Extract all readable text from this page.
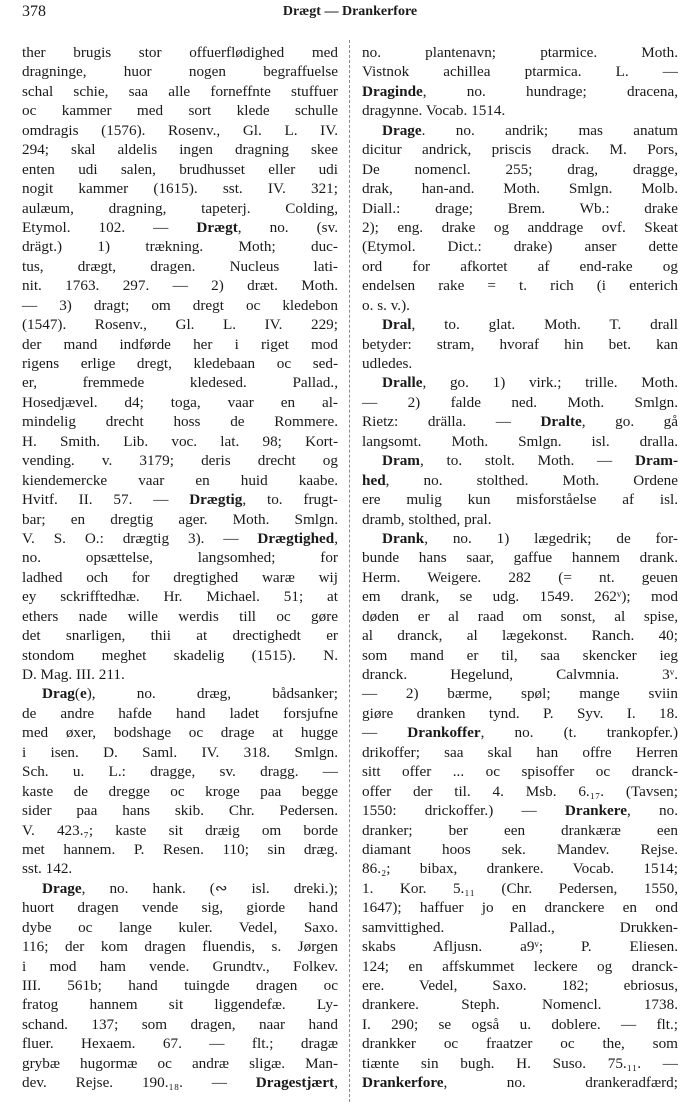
378	Drægt — Drankerfore
ther brugis stor offuerflødighed med
dragninge, huor nogen begraffuelse
schal schie, saa alle forneffnte stuffuer
oc kammer med sort klede schulle
omdragis (1576). Rosenv., Gl. L. IV.
294; skal aldelis ingen dragning skee
enten udi salen, brudhusset eller udi
nogit kammer (1615). sst. IV. 321;
aulæum, dragning, tapeterj. Colding,
Etymol. 102. — Drægt, no. (sv.
drägt.) 1) trækning. Moth; duc-
tus, drægt, dragen. Nucleus lati-
nit. 1763. 297. — 2) dræt. Moth.
— 3) dragt; om dregt oc kledebon
(1547). Rosenv., Gl. L. IV. 229;
der mand indførde her i riget mod
rigens erlige dregt, kledebaan oc sed-
er, fremmede kledesed. Pallad.,
Hosedjævel. d4; toga, vaar en al-
mindelig drecht hoss de Rommere.
H. Smith. Lib. voc. lat. 98; Kort-
vending. v. 3179; deris drecht og
kiendemercke vaar en huid kaabe.
Hvitf. II. 57. — Drægtig, to. frugt-
bar; en dregtig ager. Moth. Smlgn.
V. S. O.: drægtig 3). — Drægtighed,
no. opsættelse, langsomhed; for
ladhed och for dregtighed waræ wij
ey sckrifftedhæ. Hr. Michael. 51; at
ethers nade wille werdis till oc gøre
det snarligen, thii at drectighedt er
stondom meghet skadelig (1515). N.
D. Mag. III. 211.
Drag(e), no. dræg, bådsanker;
de andre hafde hand ladet forsjufne
med øxer, bodshage oc drage at hugge
i isen. D. Saml. IV. 318. Smlgn.
Sch. u. L.: dragge, sv. dragg. —
kaste de dregge oc kroge paa begge
sider paa hans skib. Chr. Pedersen.
V. 423.₇; kaste sit dræig om borde
met hannem. P. Resen. 110; sin dræg.
sst. 142.
Drage, no. hank. (∾ isl. dreki.);
huort dragen vende sig, giorde hand
dybe oc lange kuler. Vedel, Saxo.
116; der kom dragen fluendis, s. Jørgen
i mod ham vende. Grundtv., Folkev.
III. 561b; hand tuingde dragen oc
fratog hannem sit liggendefæ. Ly-
schand. 137; som dragen, naar hand
fluer. Hexaem. 67. — flt.; dragæ
grybæ hugormæ oc andræ sligæ. Man-
dev. Rejse. 190.₁₈. — Dragestjært,
no. plantenavn; ptarmice. Moth.
Vistnok achillea ptarmica. L. —
Draginde, no. hundrage; dracena,
dragynne. Vocab. 1514.
Drage. no. andrik; mas anatum
dicitur andrick, priscis drack. M. Pors,
De nomencl. 255; drag, dragge,
drak, han-and. Moth. Smlgn. Molb.
Diall.: drage; Brem. Wb.: drake
2); eng. drake og anddrage ovf. Skeat
(Etymol. Dict.: drake) anser dette
ord for afkortet af end-rake og
endelsen rake = t. rich (i enterich
o. s. v.).
Dral, to. glat. Moth. T. drall
betyder: stram, hvoraf hin bet. kan
udledes.
Dralle, go. 1) virk.; trille. Moth.
— 2) falde ned. Moth. Smlgn.
Rietz: drälla. — Dralte, go. gå
langsomt. Moth. Smlgn. isl. dralla.
Dram, to. stolt. Moth. — Dram-
hed, no. stolthed. Moth. Ordene
ere mulig kun misforståelse af isl.
dramb, stolthed, pral.
Drank, no. 1) lægedrik; de for-
bunde hans saar, gaffue hannem drank.
Herm. Weigere. 282 (= nt. geuen
em drank, se udg. 1549. 262ᵛ); mod
døden er al raad om sonst, al spise,
al dranck, al lægekonst. Ranch. 40;
som mand er til, saa skencker ieg
dranck. Hegelund, Calvmnia. 3ᵛ.
— 2) bærme, spøl; mange sviin
giøre dranken tynd. P. Syv. I. 18.
— Drankoffer, no. (t. trankopfer.)
drikoffer; saa skal han offre Herren
sitt offer ... oc spisoffer oc dranck-
offer der til. 4. Msb. 6.₁₇. (Tavsen;
1550: drickoffer.) — Drankere, no.
dranker; ber een drankæræ een
diamant hoos sek. Mandev. Rejse.
86.₂; bibax, drankere. Vocab. 1514;
1. Kor. 5.₁₁ (Chr. Pedersen, 1550,
1647); haffuer jo en dranckere en ond
samvittighed. Pallad., Drukken-
skabs Afljusn. a9ᵛ; P. Eliesen.
124; en affskummet leckere og dranck-
ere. Vedel, Saxo. 182; ebriosus,
drankere. Steph. Nomencl. 1738.
I. 290; se også u. doblere. — flt.;
drankker oc fraatzer oc the, som
tiænte sin bugh. H. Suso. 75.₁₁. —
Drankerfore, no. drankeradfærd;
